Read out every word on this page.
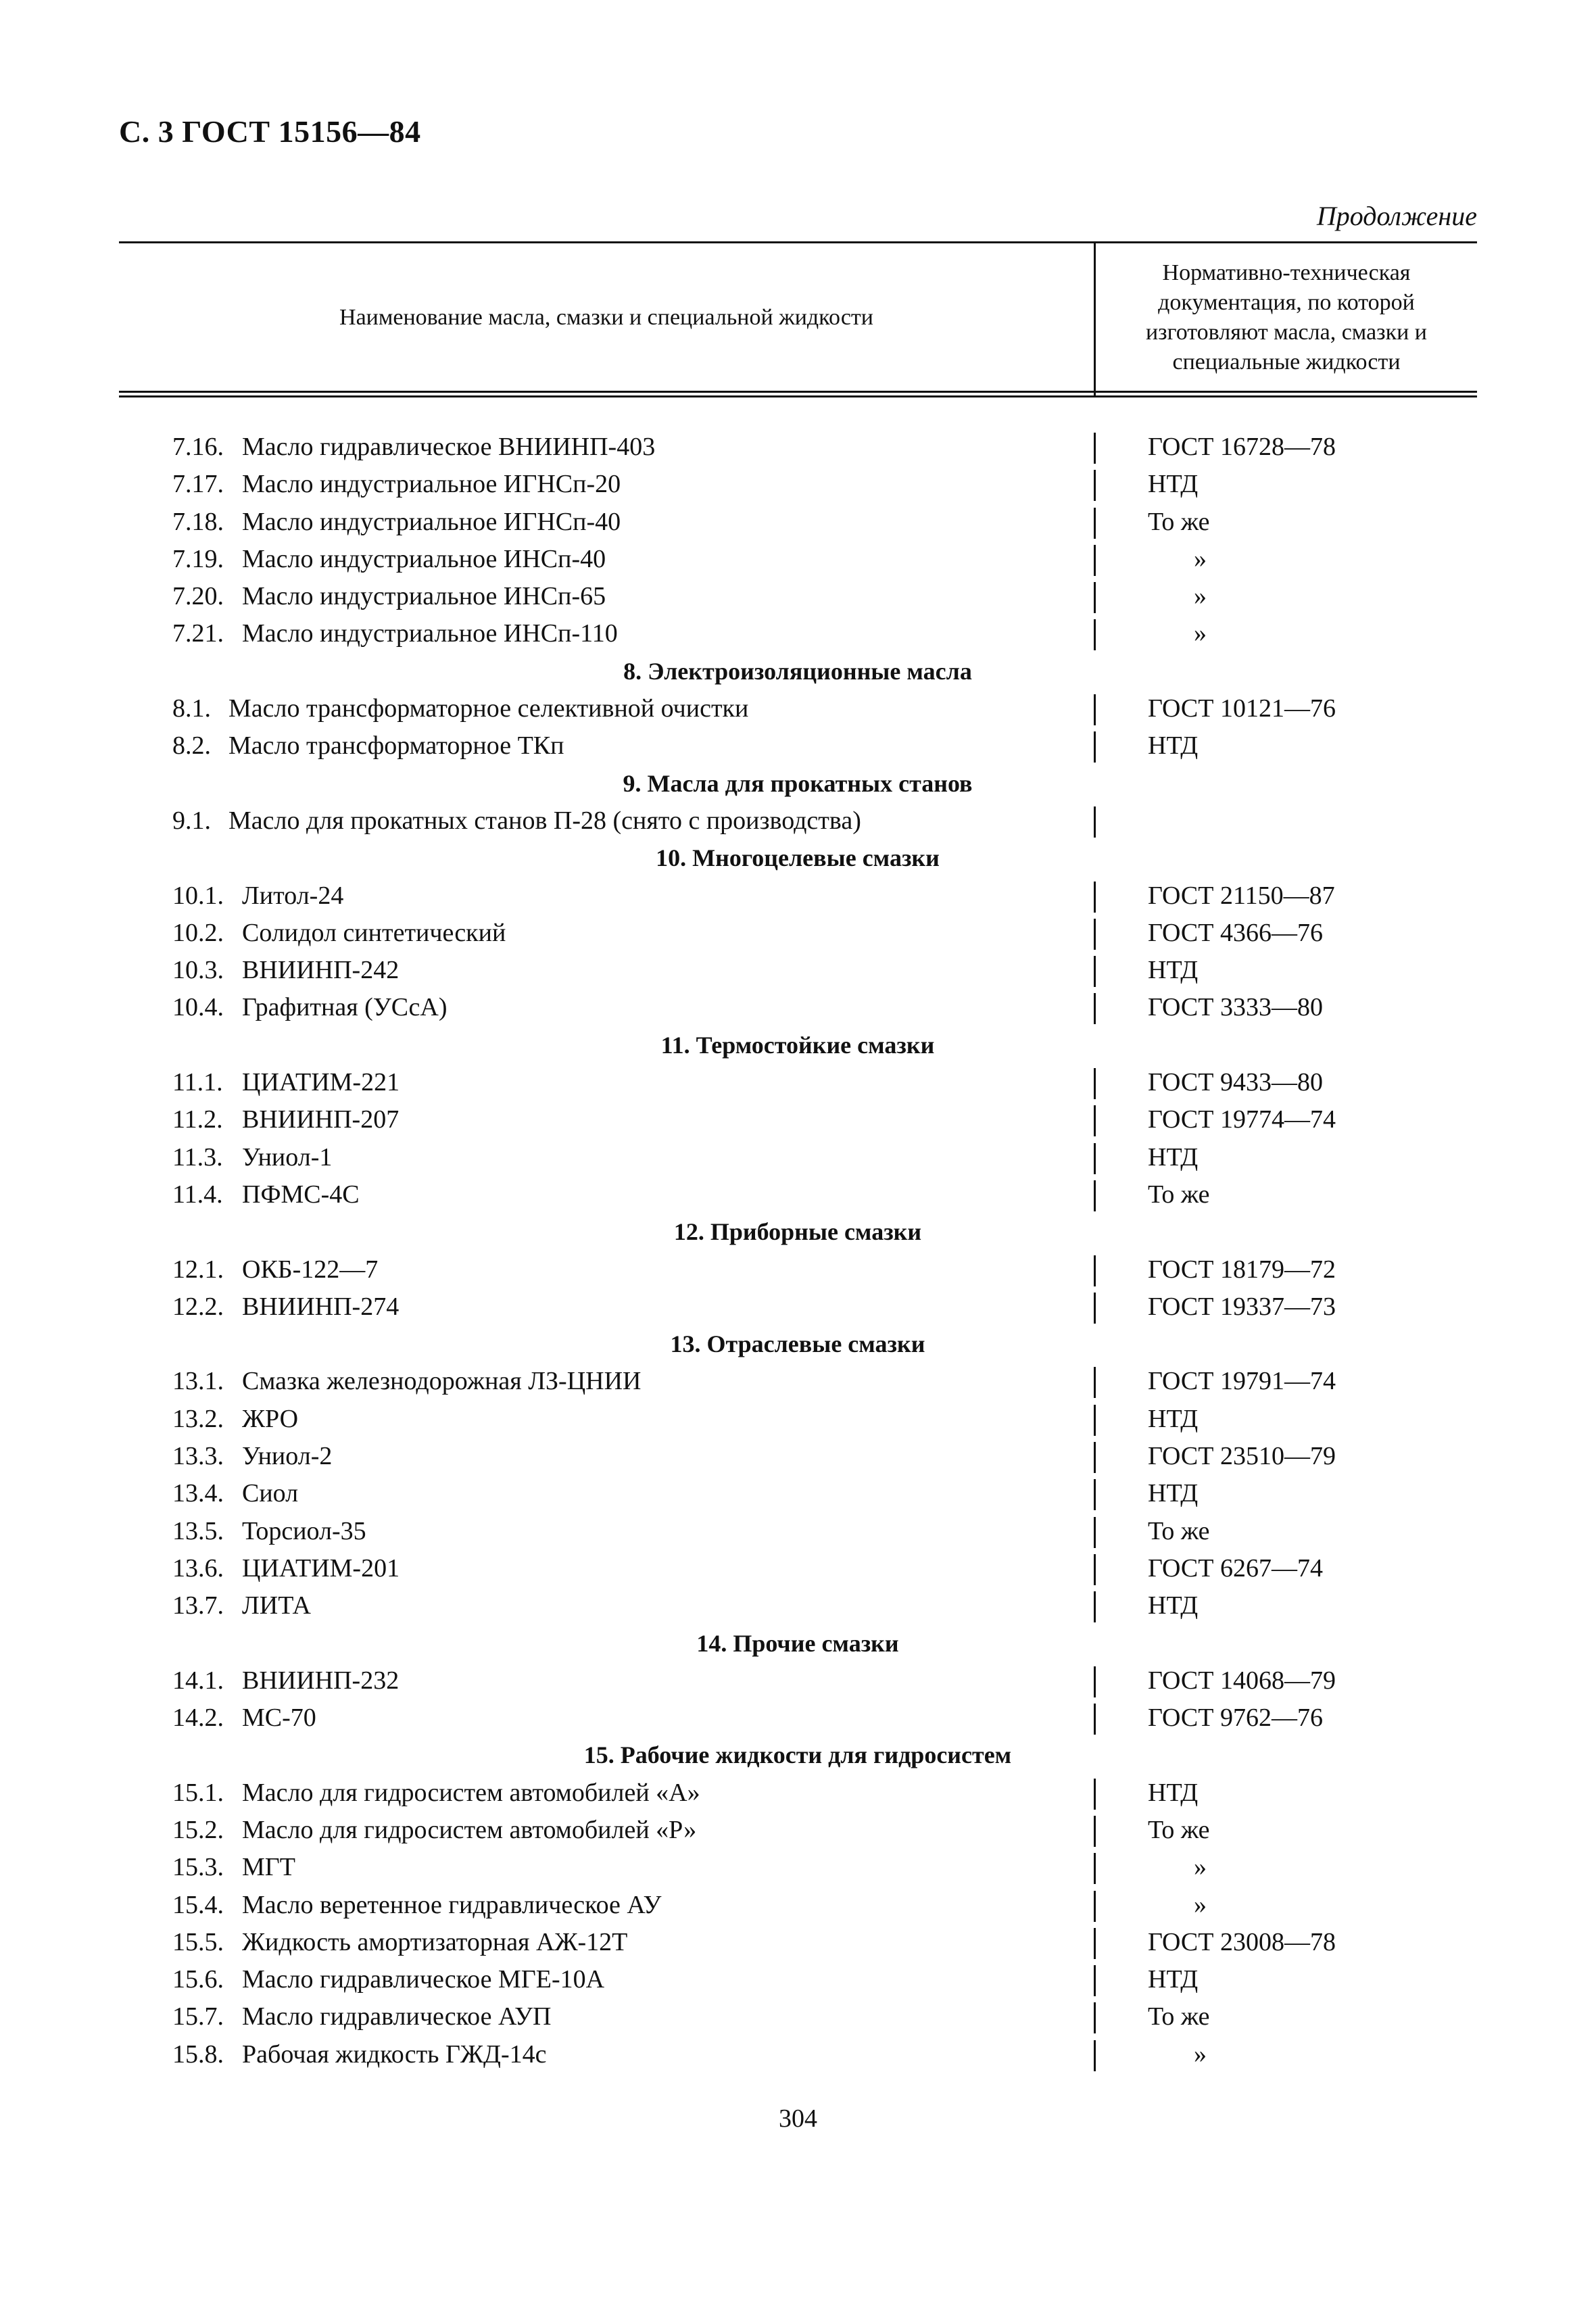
С. 3 ГОСТ 15156—84
Продолжение
Наименование масла, смазки и специальной жидкости
Нормативно-техническая документация, по которой изготовляют масла, смазки и специальные жидкости
7.16. Масло гидравлическое ВНИИНП-403	ГОСТ 16728—78
7.17. Масло индустриальное ИГНСп-20	НТД
7.18. Масло индустриальное ИГНСп-40	То же
7.19. Масло индустриальное ИНСп-40	»
7.20. Масло индустриальное ИНСп-65	»
7.21. Масло индустриальное ИНСп-110	»
8. Электроизоляционные масла
8.1. Масло трансформаторное селективной очистки	ГОСТ 10121—76
8.2. Масло трансформаторное ТКп	НТД
9. Масла для прокатных станов
9.1. Масло для прокатных станов П-28 (снято с производства)
10. Многоцелевые смазки
10.1. Литол-24	ГОСТ 21150—87
10.2. Солидол синтетический	ГОСТ 4366—76
10.3. ВНИИНП-242	НТД
10.4. Графитная (УСсА)	ГОСТ 3333—80
11. Термостойкие смазки
11.1. ЦИАТИМ-221	ГОСТ 9433—80
11.2. ВНИИНП-207	ГОСТ 19774—74
11.3. Униол-1	НТД
11.4. ПФМС-4С	То же
12. Приборные смазки
12.1. ОКБ-122—7	ГОСТ 18179—72
12.2. ВНИИНП-274	ГОСТ 19337—73
13. Отраслевые смазки
13.1. Смазка железнодорожная ЛЗ-ЦНИИ	ГОСТ 19791—74
13.2. ЖРО	НТД
13.3. Униол-2	ГОСТ 23510—79
13.4. Сиол	НТД
13.5. Торсиол-35	То же
13.6. ЦИАТИМ-201	ГОСТ 6267—74
13.7. ЛИТА	НТД
14. Прочие смазки
14.1. ВНИИНП-232	ГОСТ 14068—79
14.2. МС-70	ГОСТ 9762—76
15. Рабочие жидкости для гидросистем
15.1. Масло для гидросистем автомобилей «А»	НТД
15.2. Масло для гидросистем автомобилей «Р»	То же
15.3. МГТ	»
15.4. Масло веретенное гидравлическое АУ	»
15.5. Жидкость амортизаторная АЖ-12Т	ГОСТ 23008—78
15.6. Масло гидравлическое МГЕ-10А	НТД
15.7. Масло гидравлическое АУП	То же
15.8. Рабочая жидкость ГЖД-14с	»
304
